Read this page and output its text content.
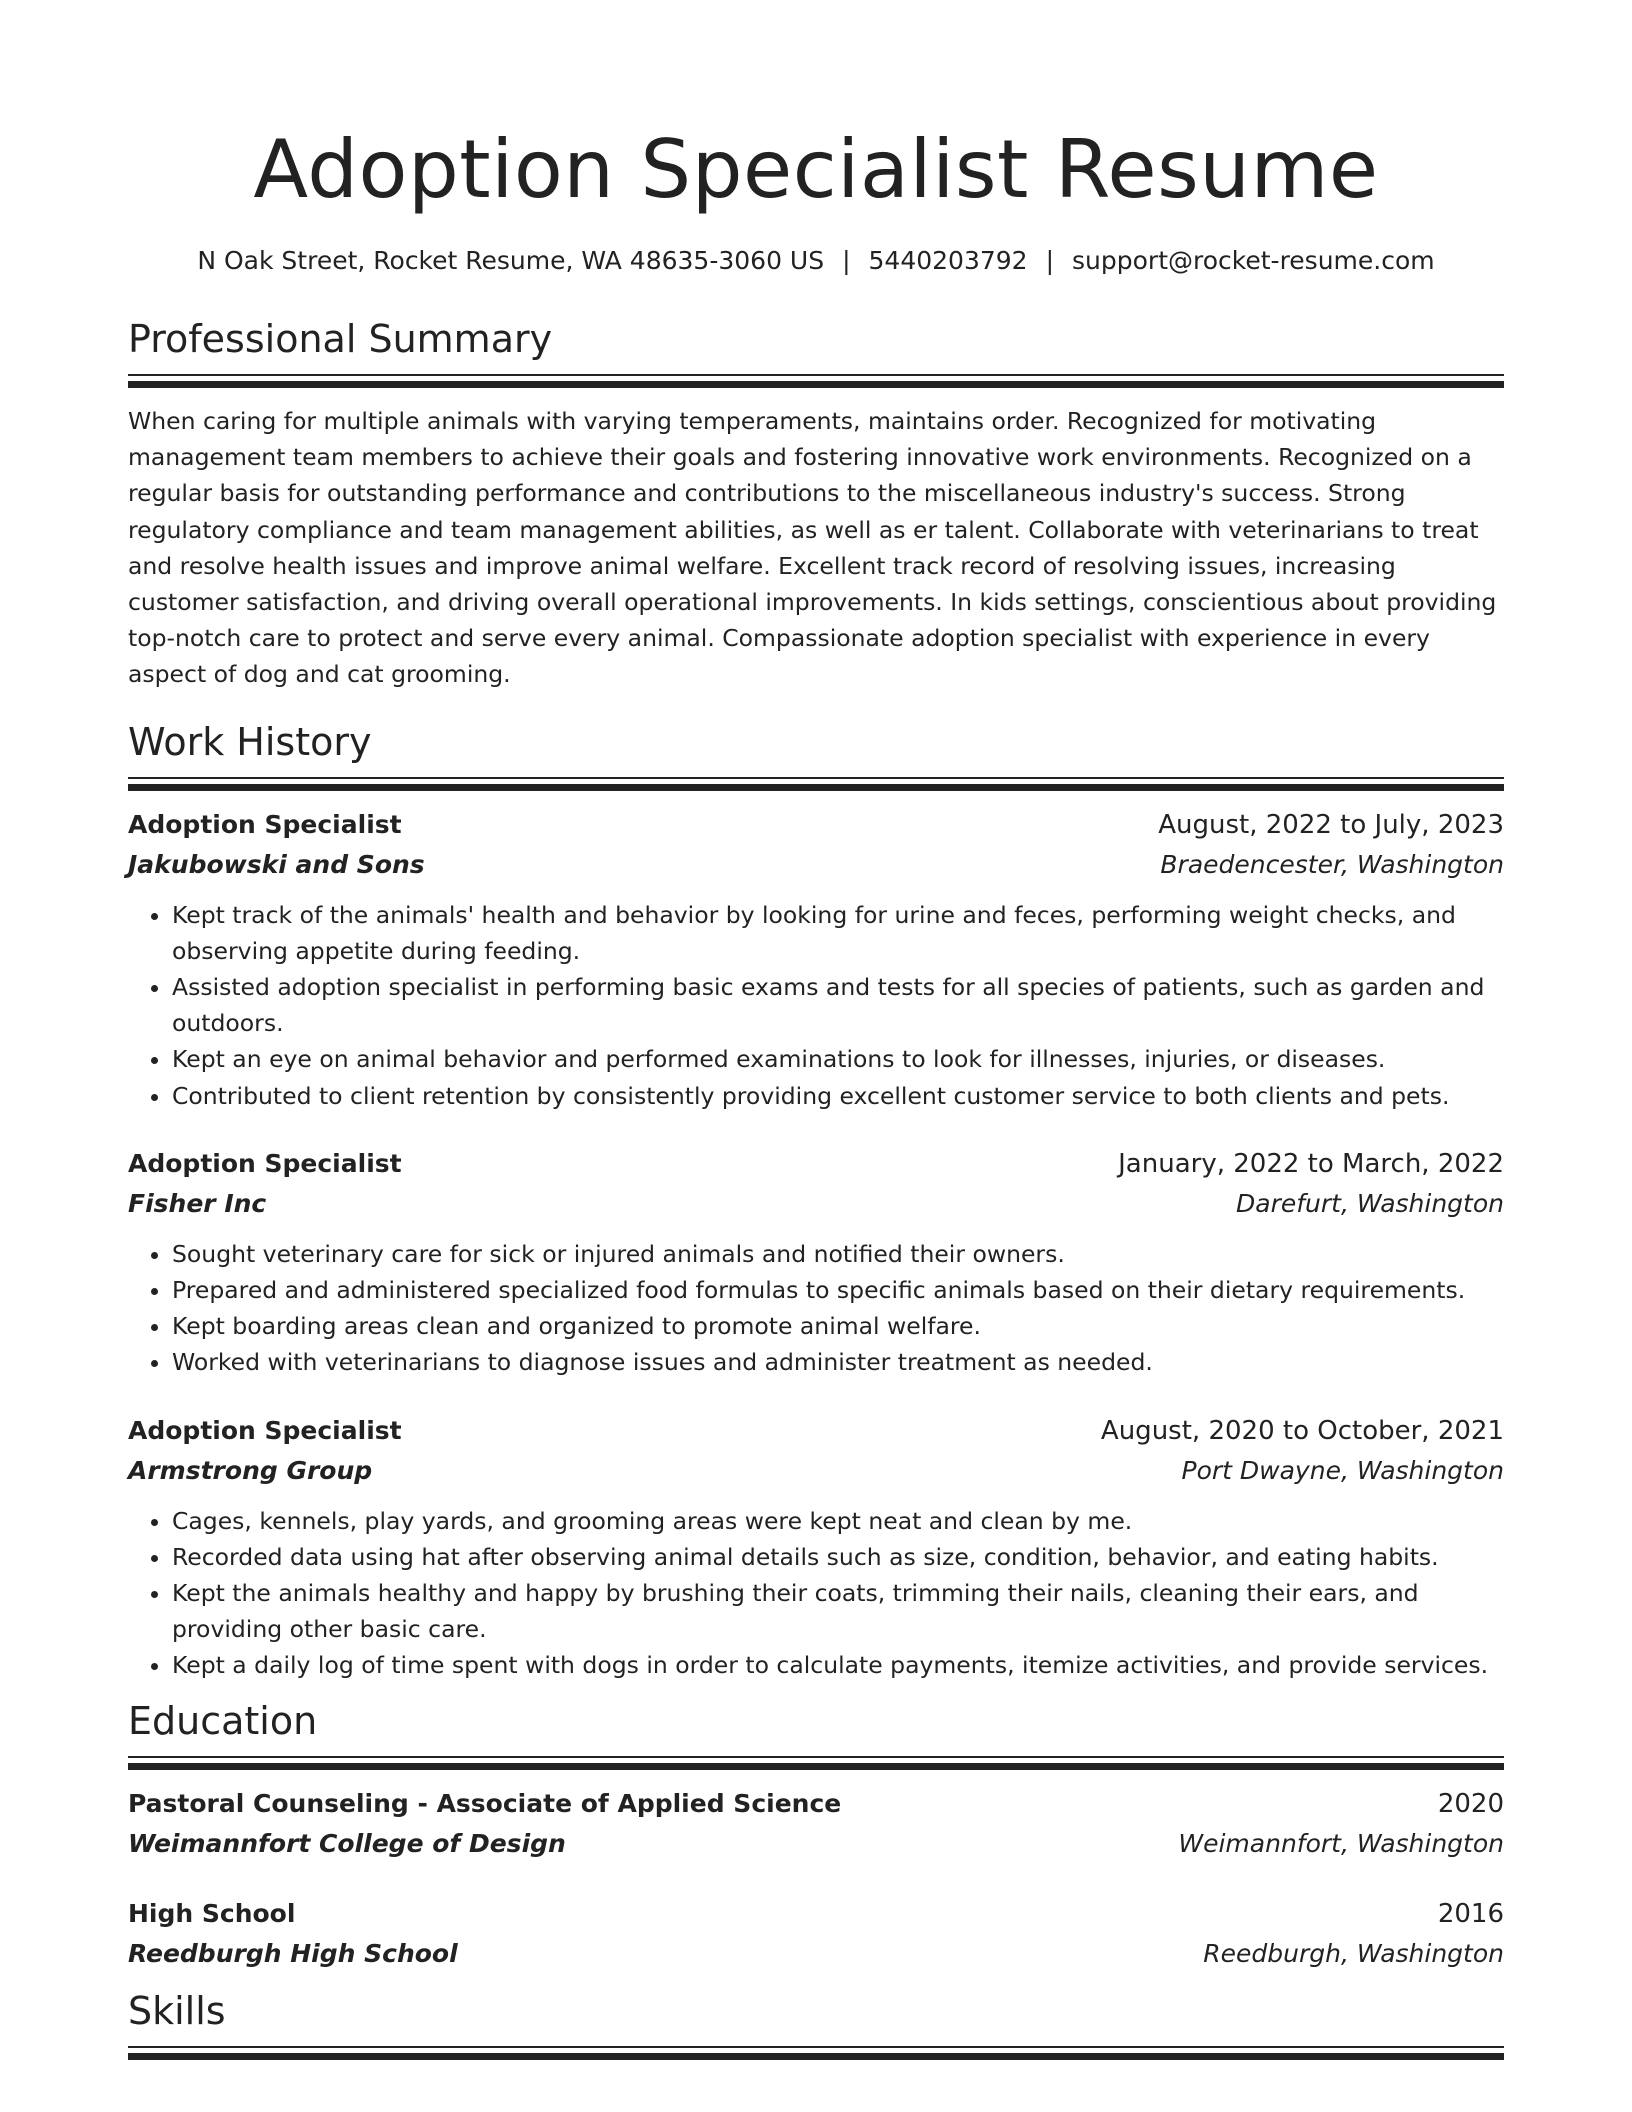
Adoption Specialist Resume
N Oak Street, Rocket Resume, WA 48635-3060 US | 5440203792 | support@rocket-resume.com
Professional Summary
When caring for multiple animals with varying temperaments, maintains order. Recognized for motivating management team members to achieve their goals and fostering innovative work environments. Recognized on a regular basis for outstanding performance and contributions to the miscellaneous industry's success. Strong regulatory compliance and team management abilities, as well as er talent. Collaborate with veterinarians to treat and resolve health issues and improve animal welfare. Excellent track record of resolving issues, increasing customer satisfaction, and driving overall operational improvements. In kids settings, conscientious about providing top-notch care to protect and serve every animal. Compassionate adoption specialist with experience in every aspect of dog and cat grooming.
Work History
Adoption Specialist	August, 2022 to July, 2023
Jakubowski and Sons	Braedencester, Washington
• Kept track of the animals' health and behavior by looking for urine and feces, performing weight checks, and observing appetite during feeding.
• Assisted adoption specialist in performing basic exams and tests for all species of patients, such as garden and outdoors.
• Kept an eye on animal behavior and performed examinations to look for illnesses, injuries, or diseases.
• Contributed to client retention by consistently providing excellent customer service to both clients and pets.
Adoption Specialist	January, 2022 to March, 2022
Fisher Inc	Darefurt, Washington
• Sought veterinary care for sick or injured animals and notified their owners.
• Prepared and administered specialized food formulas to specific animals based on their dietary requirements.
• Kept boarding areas clean and organized to promote animal welfare.
• Worked with veterinarians to diagnose issues and administer treatment as needed.
Adoption Specialist	August, 2020 to October, 2021
Armstrong Group	Port Dwayne, Washington
• Cages, kennels, play yards, and grooming areas were kept neat and clean by me.
• Recorded data using hat after observing animal details such as size, condition, behavior, and eating habits.
• Kept the animals healthy and happy by brushing their coats, trimming their nails, cleaning their ears, and providing other basic care.
• Kept a daily log of time spent with dogs in order to calculate payments, itemize activities, and provide services.
Education
Pastoral Counseling - Associate of Applied Science	2020
Weimannfort College of Design	Weimannfort, Washington
High School	2016
Reedburgh High School	Reedburgh, Washington
Skills
